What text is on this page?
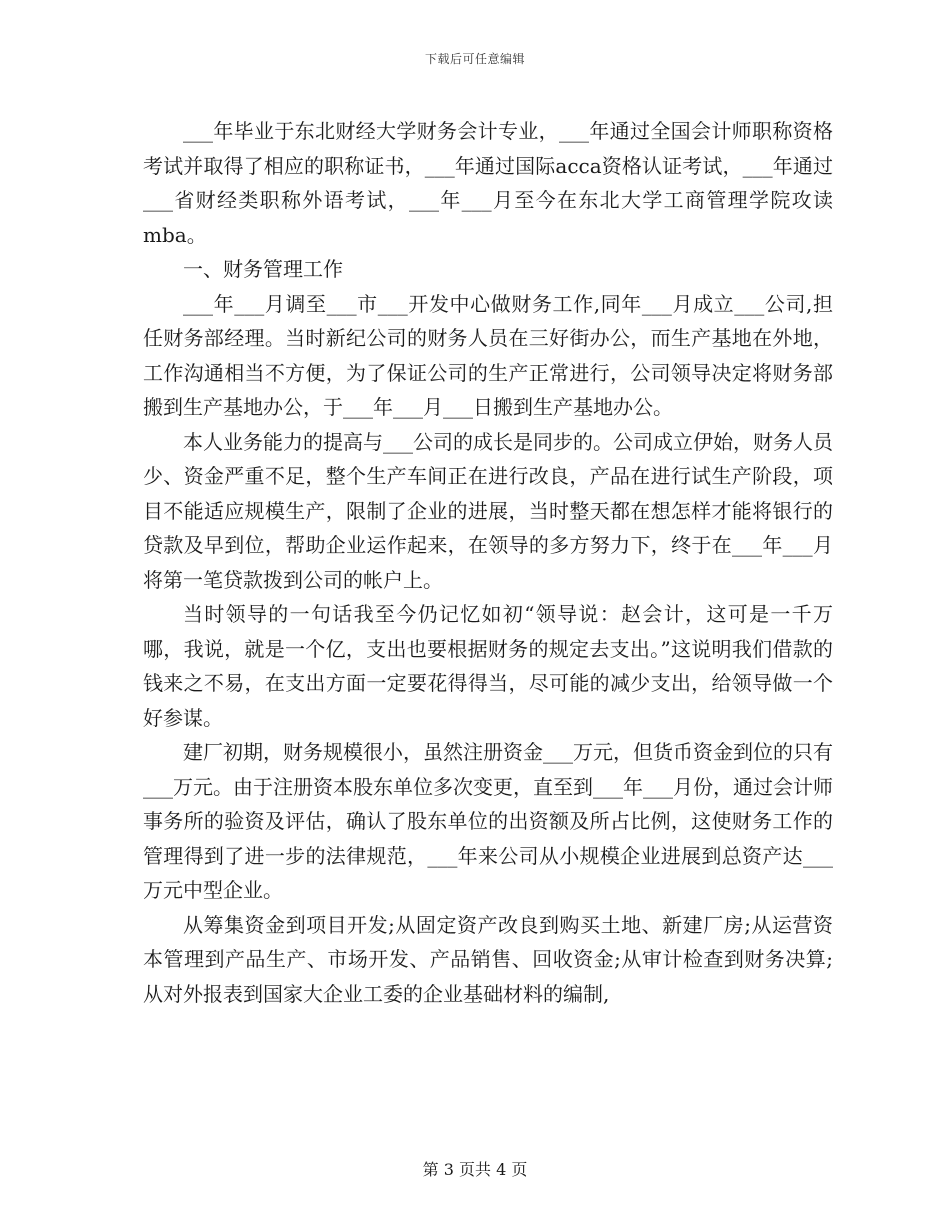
下载后可任意编辑

___年毕业于东北财经大学财务会计专业，___年通过全国会计师职称资格考试并取得了相应的职称证书，___年通过国际acca资格认证考试，___年通过___省财经类职称外语考试，___年___月至今在东北大学工商管理学院攻读mba。

一、财务管理工作

___年___月调至___市___开发中心做财务工作,同年___月成立___公司,担任财务部经理。当时新纪公司的财务人员在三好街办公，而生产基地在外地，工作沟通相当不方便，为了保证公司的生产正常进行，公司领导决定将财务部搬到生产基地办公，于___年___月___日搬到生产基地办公。

本人业务能力的提高与___公司的成长是同步的。公司成立伊始，财务人员少、资金严重不足，整个生产车间正在进行改良，产品在进行试生产阶段，项目不能适应规模生产，限制了企业的进展，当时整天都在想怎样才能将银行的贷款及早到位，帮助企业运作起来，在领导的多方努力下，终于在___年___月将第一笔贷款拨到公司的帐户上。

当时领导的一句话我至今仍记忆如初“领导说：赵会计，这可是一千万哪，我说，就是一个亿，支出也要根据财务的规定去支出。”这说明我们借款的钱来之不易，在支出方面一定要花得得当，尽可能的减少支出，给领导做一个好参谋。

建厂初期，财务规模很小，虽然注册资金___万元，但货币资金到位的只有___万元。由于注册资本股东单位多次变更，直至到___年___月份，通过会计师事务所的验资及评估，确认了股东单位的出资额及所占比例，这使财务工作的管理得到了进一步的法律规范，___年来公司从小规模企业进展到总资产达___万元中型企业。

从筹集资金到项目开发;从固定资产改良到购买土地、新建厂房;从运营资本管理到产品生产、市场开发、产品销售、回收资金;从审计检查到财务决算;从对外报表到国家大企业工委的企业基础材料的编制,

第 3 页共 4 页
